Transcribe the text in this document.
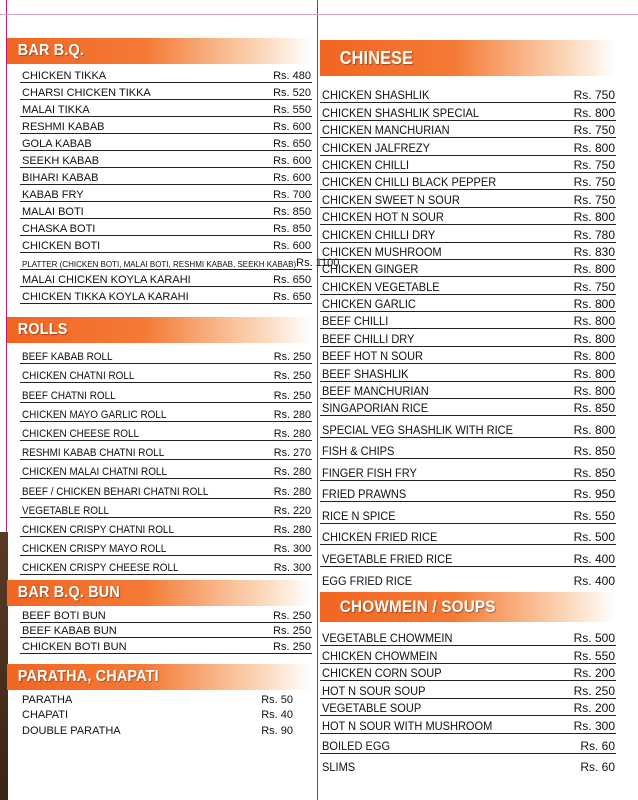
BAR B.Q.
CHICKEN TIKKA	Rs. 480
CHARSI CHICKEN TIKKA	Rs. 520
MALAI TIKKA	Rs. 550
RESHMI KABAB	Rs. 600
GOLA KABAB	Rs. 650
SEEKH KABAB	Rs. 600
BIHARI KABAB	Rs. 600
KABAB FRY	Rs. 700
MALAI BOTI	Rs. 850
CHASKA BOTI	Rs. 850
CHICKEN BOTI	Rs. 600
PLATTER (CHICKEN BOTI, MALAI BOTI, RESHMI KABAB, SEEKH KABAB) Rs. 1100
MALAI CHICKEN KOYLA KARAHI	Rs. 650
CHICKEN TIKKA KOYLA KARAHI	Rs. 650
ROLLS
BEEF KABAB ROLL	Rs. 250
CHICKEN CHATNI ROLL	Rs. 250
BEEF CHATNI ROLL	Rs. 250
CHICKEN MAYO GARLIC ROLL	Rs. 280
CHICKEN CHEESE ROLL	Rs. 280
RESHMI KABAB CHATNI ROLL	Rs. 270
CHICKEN MALAI CHATNI ROLL	Rs. 280
BEEF / CHICKEN BEHARI CHATNI ROLL	Rs. 280
VEGETABLE ROLL	Rs. 220
CHICKEN CRISPY CHATNI ROLL	Rs. 280
CHICKEN CRISPY MAYO ROLL	Rs. 300
CHICKEN CRISPY CHEESE ROLL	Rs. 300
BAR B.Q. BUN
BEEF BOTI BUN	Rs. 250
BEEF KABAB BUN	Rs. 250
CHICKEN BOTI BUN	Rs. 250
PARATHA, CHAPATI
PARATHA	Rs. 50
CHAPATI	Rs. 40
DOUBLE PARATHA	Rs. 90
CHINESE
CHICKEN SHASHLIK	Rs. 750
CHICKEN SHASHLIK SPECIAL	Rs. 800
CHICKEN MANCHURIAN	Rs. 750
CHICKEN JALFREZY	Rs. 800
CHICKEN CHILLI	Rs. 750
CHICKEN CHILLI BLACK PEPPER	Rs. 750
CHICKEN SWEET N SOUR	Rs. 750
CHICKEN HOT N SOUR	Rs. 800
CHICKEN CHILLI DRY	Rs. 780
CHICKEN MUSHROOM	Rs. 830
CHICKEN GINGER	Rs. 800
CHICKEN VEGETABLE	Rs. 750
CHICKEN GARLIC	Rs. 800
BEEF CHILLI	Rs. 800
BEEF CHILLI DRY	Rs. 800
BEEF HOT N SOUR	Rs. 800
BEEF SHASHLIK	Rs. 800
BEEF MANCHURIAN	Rs. 800
SINGAPORIAN RICE	Rs. 850
SPECIAL VEG SHASHLIK WITH RICE	Rs. 800
FISH & CHIPS	Rs. 850
FINGER FISH FRY	Rs. 850
FRIED PRAWNS	Rs. 950
RICE N SPICE	Rs. 550
CHICKEN FRIED RICE	Rs. 500
VEGETABLE FRIED RICE	Rs. 400
EGG FRIED RICE	Rs. 400
CHOWMEIN / SOUPS
VEGETABLE CHOWMEIN	Rs. 500
CHICKEN CHOWMEIN	Rs. 550
CHICKEN CORN SOUP	Rs. 200
HOT N SOUR SOUP	Rs. 250
VEGETABLE SOUP	Rs. 200
HOT N SOUR WITH MUSHROOM	Rs. 300
BOILED EGG	Rs. 60
SLIMS	Rs. 60
